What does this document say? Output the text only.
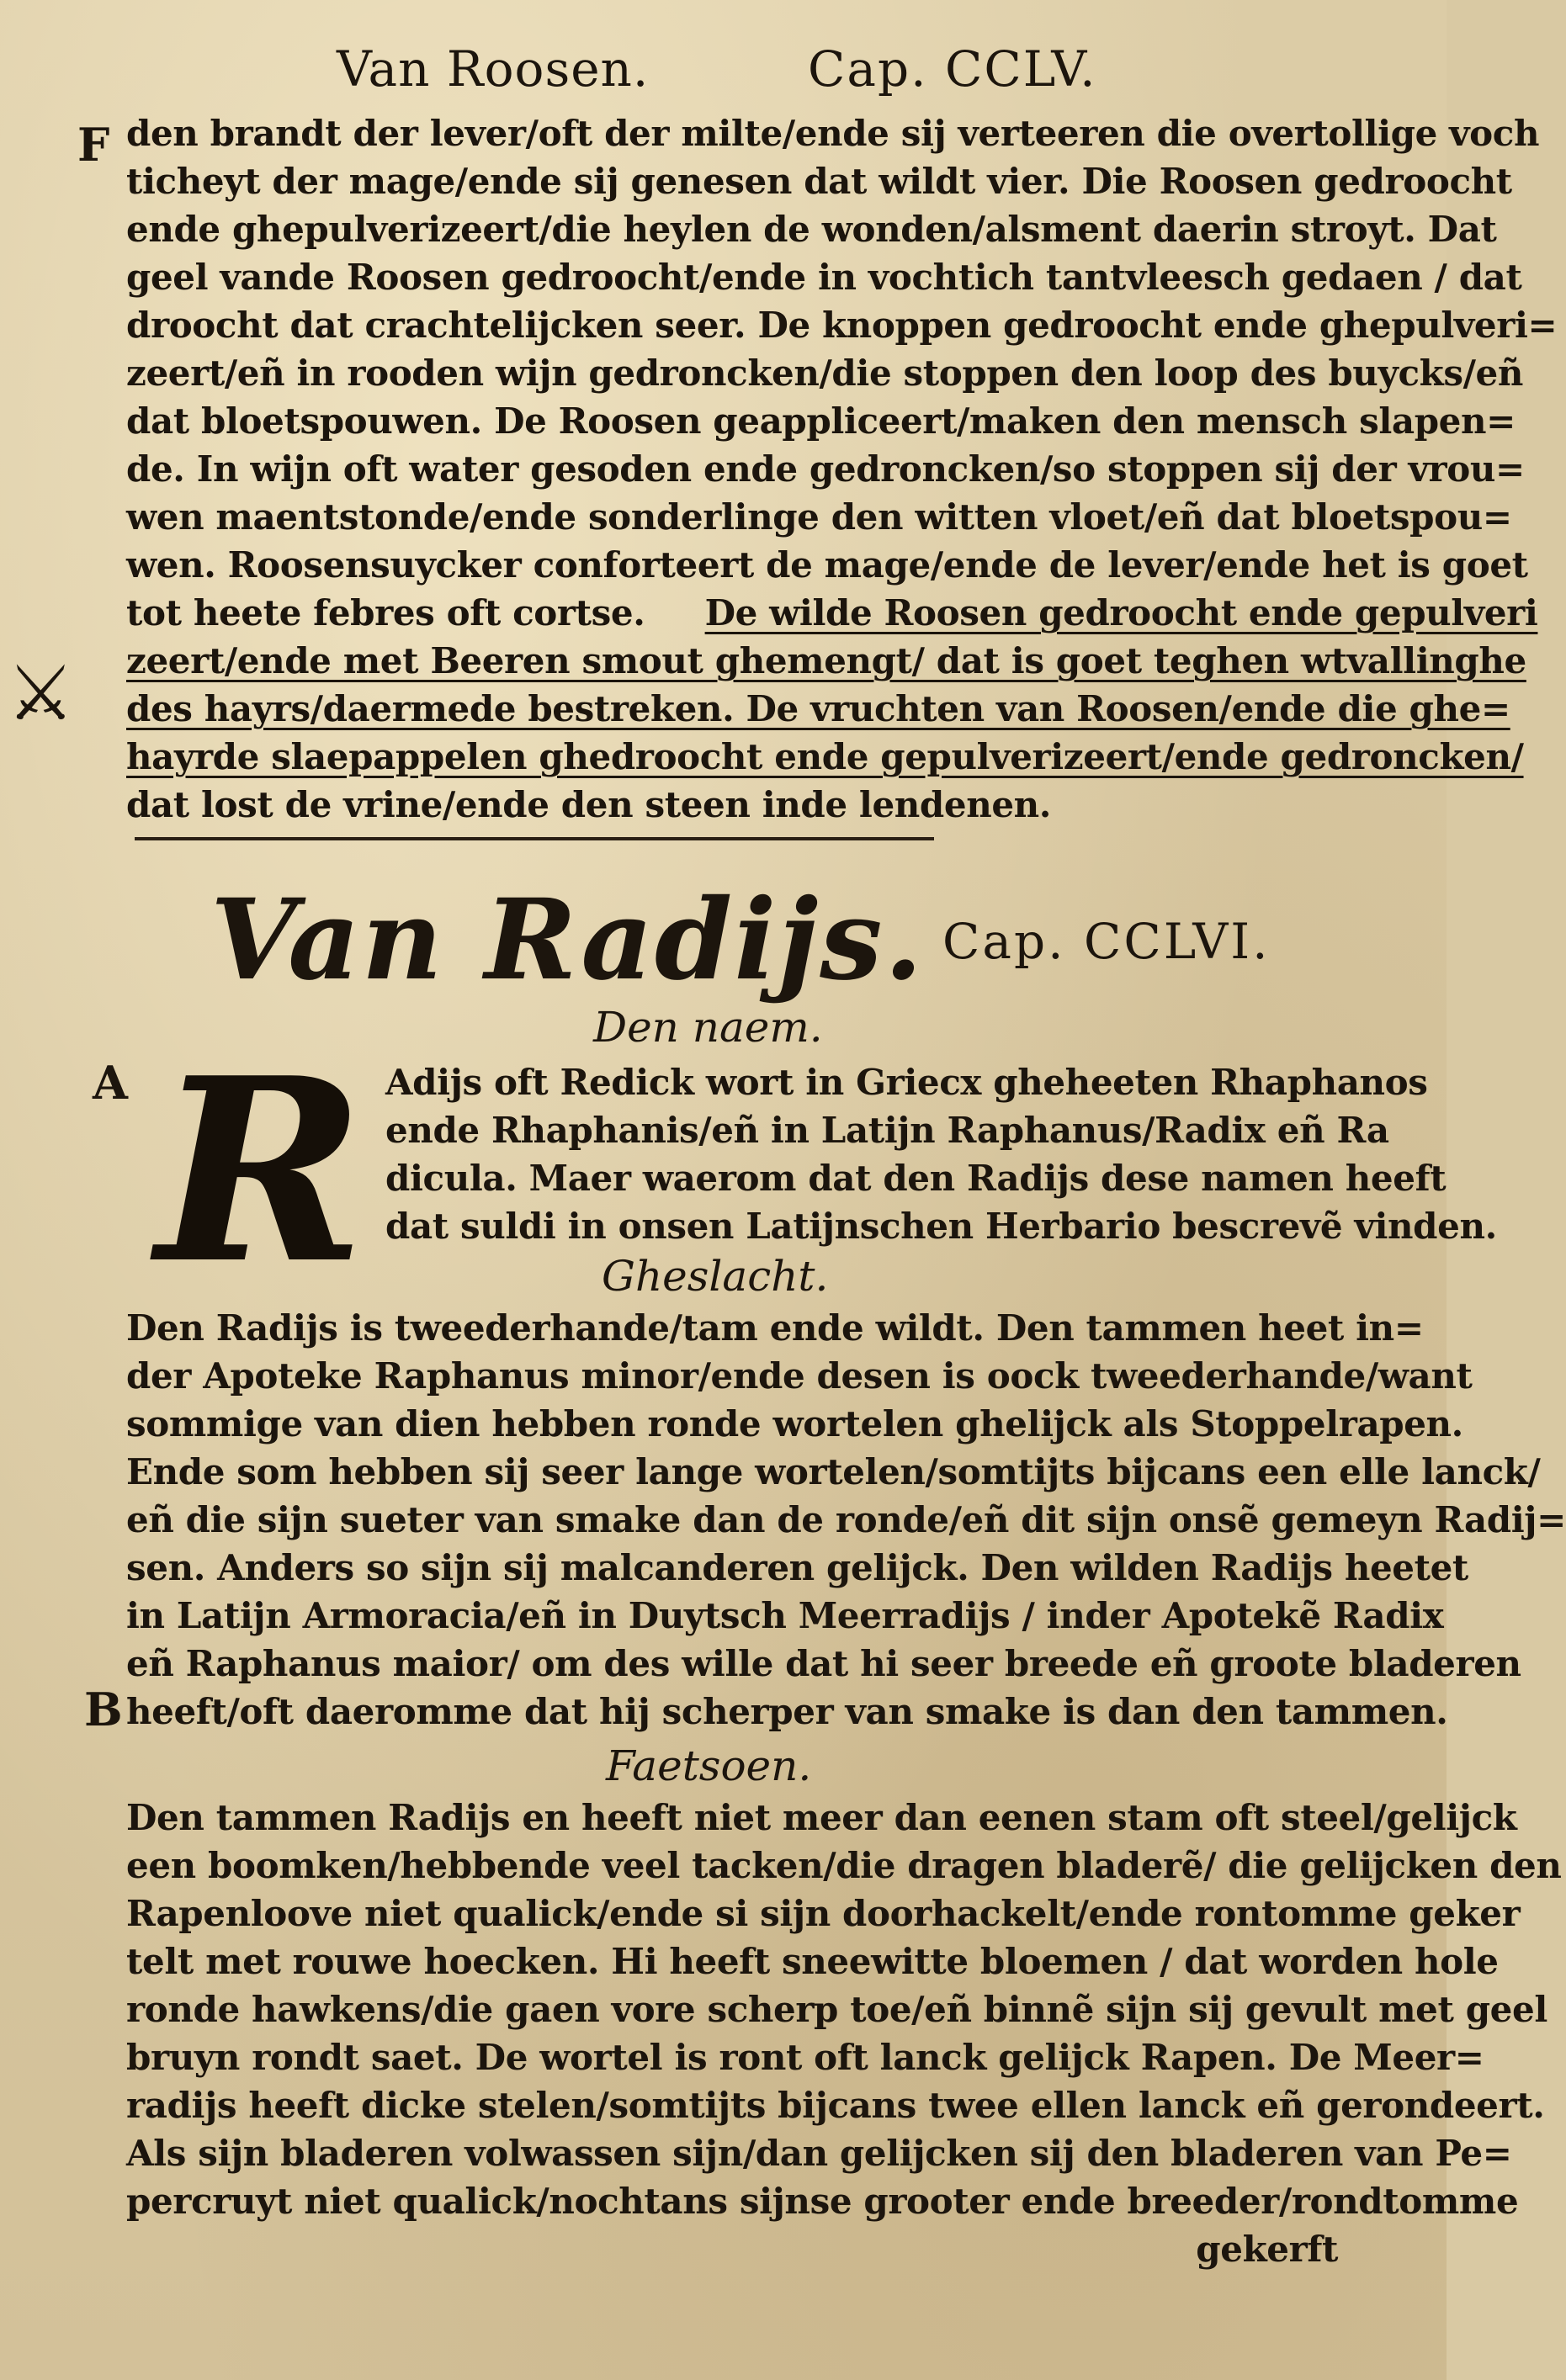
Van Roosen.	Cap. CCLV.
F
⚔
A
B
den brandt der lever/oft der milte/ende sij verteeren die overtollige voch
ticheyt der mage/ende sij genesen dat wildt vier. Die Roosen gedroocht
ende ghepulverizeert/die heylen de wonden/alsment daerin stroyt. Dat
geel vande Roosen gedroocht/ende in vochtich tantvleesch gedaen / dat
droocht dat crachtelijcken seer. De knoppen gedroocht ende ghepulveri=
zeert/eñ in rooden wijn gedroncken/die stoppen den loop des buycks/eñ
dat bloetspouwen. De Roosen geappliceert/maken den mensch slapen=
de. In wijn oft water gesoden ende gedroncken/so stoppen sij der vrou=
wen maentstonde/ende sonderlinge den witten vloet/eñ dat bloetspou=
wen. Roosensuycker conforteert de mage/ende de lever/ende het is goet
tot heete febres oft cortse. De wilde Roosen gedroocht ende gepulveri
zeert/ende met Beeren smout ghemengt/ dat is goet teghen wtvallinghe
des hayrs/daermede bestreken. De vruchten van Roosen/ende die ghe=
hayrde slaepappelen ghedroocht ende gepulverizeert/ende gedroncken/
dat lost de vrine/ende den steen inde lendenen.
Van Radijs. Cap. CCLVI.
Den naem.
R Adijs oft Redick wort in Griecx gheheeten Rhaphanos
ende Rhaphanis/eñ in Latijn Raphanus/Radix eñ Ra
dicula. Maer waerom dat den Radijs dese namen heeft
dat suldi in onsen Latijnschen Herbario bescrevẽ vinden.
Gheslacht.
Den Radijs is tweederhande/tam ende wildt. Den tammen heet in=
der Apoteke Raphanus minor/ende desen is oock tweederhande/want
sommige van dien hebben ronde wortelen ghelijck als Stoppelrapen.
Ende som hebben sij seer lange wortelen/somtijts bijcans een elle lanck/
eñ die sijn sueter van smake dan de ronde/eñ dit sijn onsẽ gemeyn Radij=
sen. Anders so sijn sij malcanderen gelijck. Den wilden Radijs heetet
in Latijn Armoracia/eñ in Duytsch Meerradijs / inder Apotekẽ Radix
eñ Raphanus maior/ om des wille dat hi seer breede eñ groote bladeren
heeft/oft daeromme dat hij scherper van smake is dan den tammen.
Faetsoen.
Den tammen Radijs en heeft niet meer dan eenen stam oft steel/gelijck
een boomken/hebbende veel tacken/die dragen bladerẽ/ die gelijcken den
Rapenloove niet qualick/ende si sijn doorhackelt/ende rontomme geker
telt met rouwe hoecken. Hi heeft sneewitte bloemen / dat worden hole
ronde hawkens/die gaen vore scherp toe/eñ binnẽ sijn sij gevult met geel
bruyn rondt saet. De wortel is ront oft lanck gelijck Rapen. De Meer=
radijs heeft dicke stelen/somtijts bijcans twee ellen lanck eñ gerondeert.
Als sijn bladeren volwassen sijn/dan gelijcken sij den bladeren van Pe=
percruyt niet qualick/nochtans sijnse grooter ende breeder/rondtomme
gekerft
